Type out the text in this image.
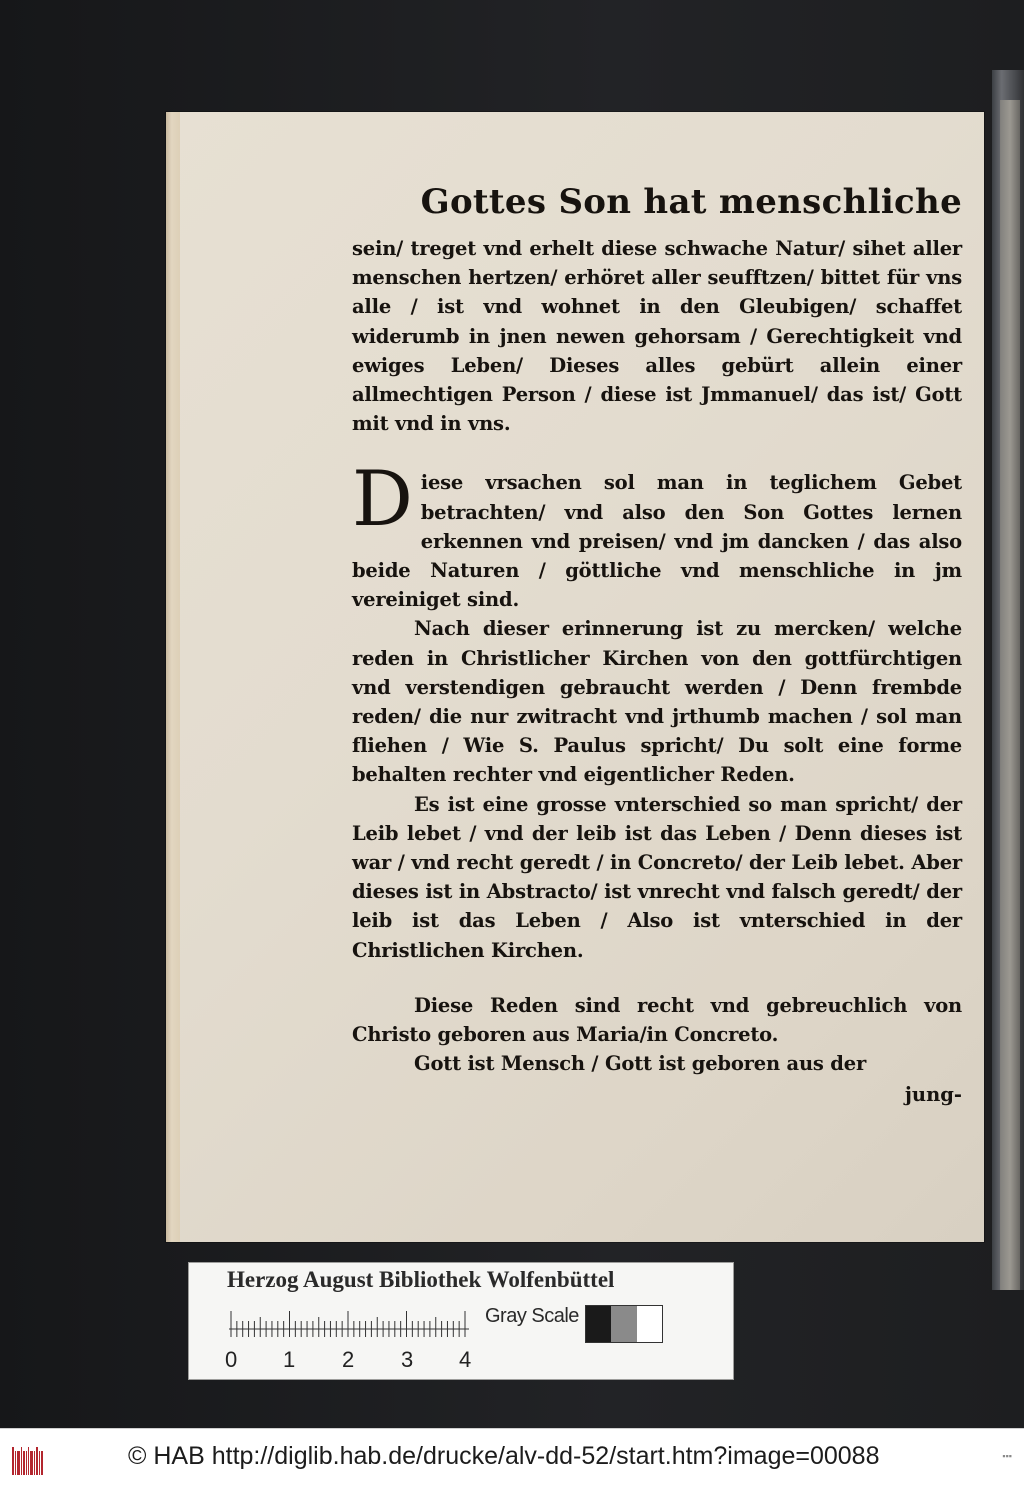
Gottes Son hat menschliche

sein/ treget vnd erhelt diese schwache Natur/ sihet aller menschen hertzen/ erhöret aller seufftzen/ bittet für vns alle / ist vnd wohnet in den Gleubigen/ schaffet widerumb in jnen newen gehorsam / Gerechtigkeit vnd ewiges Leben/ Dieses alles gebürt allein einer allmechtigen Person / diese ist Jmmanuel/ das ist/ Gott mit vnd in vns.

Diese vrsachen sol man in teglichem Gebet betrachten/ vnd also den Son Gottes lernen erkennen vnd preisen/ vnd jm dancken / das also beide Naturen / göttliche vnd menschliche in jm vereiniget sind.

Nach dieser erinnerung ist zu mercken/ welche reden in Christlicher Kirchen von den gottfürchtigen vnd verstendigen gebraucht werden / Denn frembde reden/ die nur zwitracht vnd jrthumb machen / sol man fliehen / Wie S. Paulus spricht/ Du solt eine forme behalten rechter vnd eigentlicher Reden.

Es ist eine grosse vnterschied so man spricht/ der Leib lebet / vnd der leib ist das Leben / Denn dieses ist war / vnd recht geredt / in Concreto/ der Leib lebet. Aber dieses ist in Abstracto/ ist vnrecht vnd falsch geredt/ der leib ist das Leben / Also ist vnterschied in der Christlichen Kirchen.

Diese Reden sind recht vnd gebreuchlich von Christo geboren aus Maria/in Concreto.

Gott ist Mensch / Gott ist geboren aus der

jung-

Herzog August Bibliothek Wolfenbüttel
0 1 2 3 4
Gray Scale
© HAB http://diglib.hab.de/drucke/alv-dd-52/start.htm?image=00088	▪▪▪
